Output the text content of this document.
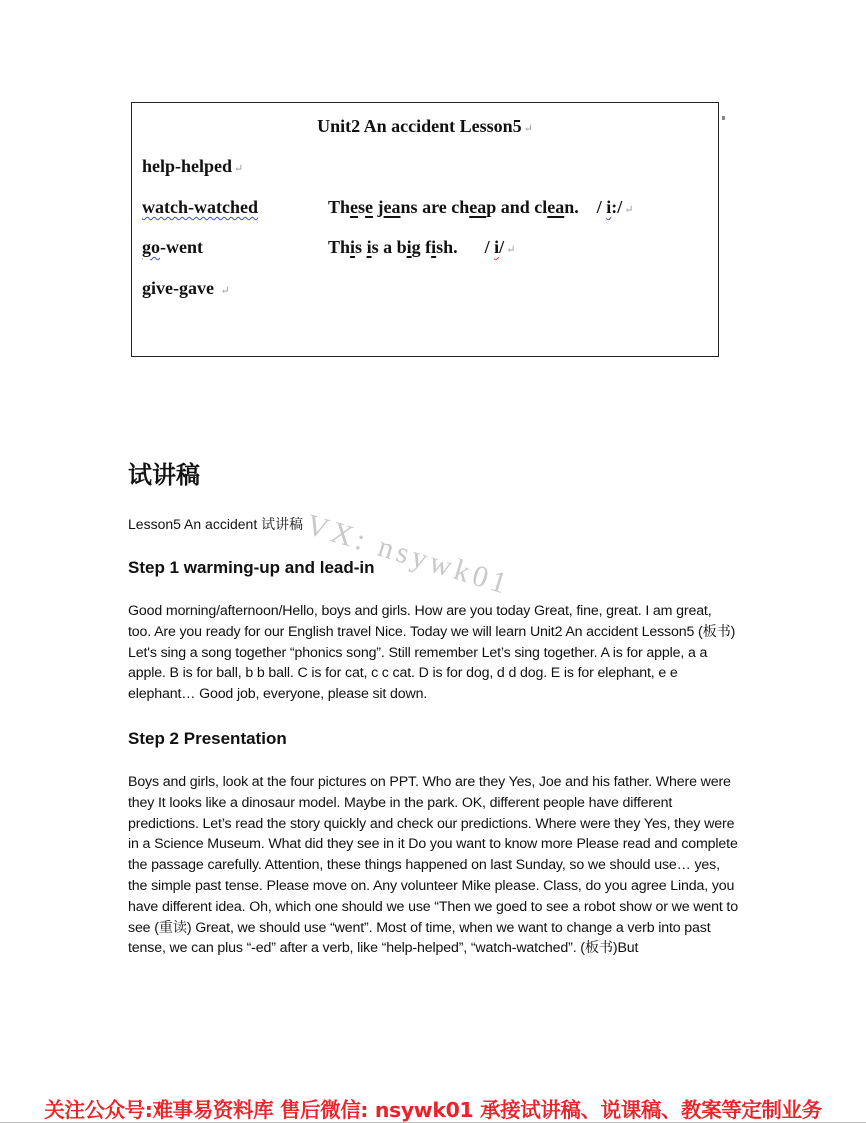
Unit2 An accident Lesson5 ↵
help-helped ↵
watch-watched	These jeans are cheap and clean.    / i:/ ↵
go-went	This is a big fish.      / i/ ↵
give-gave ↵
试讲稿
Lesson5 An accident 试讲稿 VX: nsywk01
Step 1 warming-up and lead-in
Good morning/afternoon/Hello, boys and girls. How are you today Great, fine, great. I am great, too. Are you ready for our English travel Nice. Today we will learn Unit2 An accident Lesson5 (板书) Let's sing a song together “phonics song”. Still remember Let’s sing together. A is for apple, a a apple. B is for ball, b b ball. C is for cat, c c cat. D is for dog, d d dog. E is for elephant, e e elephant… Good job, everyone, please sit down.
Step 2 Presentation
Boys and girls, look at the four pictures on PPT. Who are they Yes, Joe and his father. Where were they It looks like a dinosaur model. Maybe in the park. OK, different people have different predictions. Let’s read the story quickly and check our predictions. Where were they Yes, they were in a Science Museum. What did they see in it Do you want to know more Please read and complete the passage carefully. Attention, these things happened on last Sunday, so we should use… yes, the simple past tense. Please move on. Any volunteer Mike please. Class, do you agree Linda, you have different idea. Oh, which one should we use “Then we goed to see a robot show or we went to see (重读) Great, we should use “went”. Most of time, when we want to change a verb into past tense, we can plus “-ed” after a verb, like “help-helped”, “watch-watched”. (板书)But
关注公众号:难事易资料库 售后微信: nsywk01 承接试讲稿、说课稿、教案等定制业务
